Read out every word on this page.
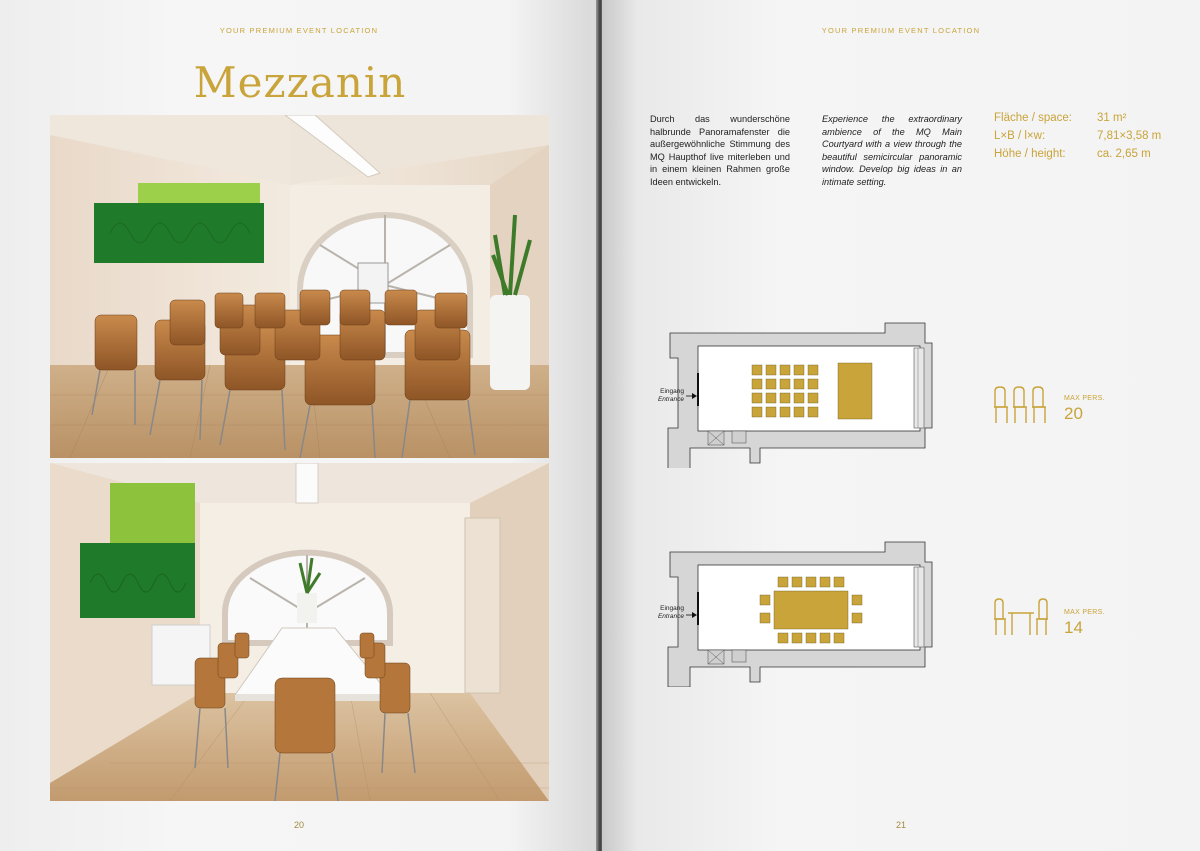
YOUR PREMIUM EVENT LOCATION
Mezzanin
20
YOUR PREMIUM EVENT LOCATION
Durch das wunderschöne halbrunde Panoramafenster die außergewöhnliche Stimmung des MQ Haupthof live miterleben und in einem kleinen Rahmen große Ideen entwickeln.
Experience the extraordinary ambience of the MQ Main Courtyard with a view through the beautiful semicircular panoramic window. Develop big ideas in an intimate setting.
Fläche / space: 31 m²
L×B / l×w:	7,81×3,58 m
Höhe / height:	ca. 2,65 m
Eingang
Entrance	MAX PERS.
20
Eingang
Entrance
MAX PERS.
14
21
